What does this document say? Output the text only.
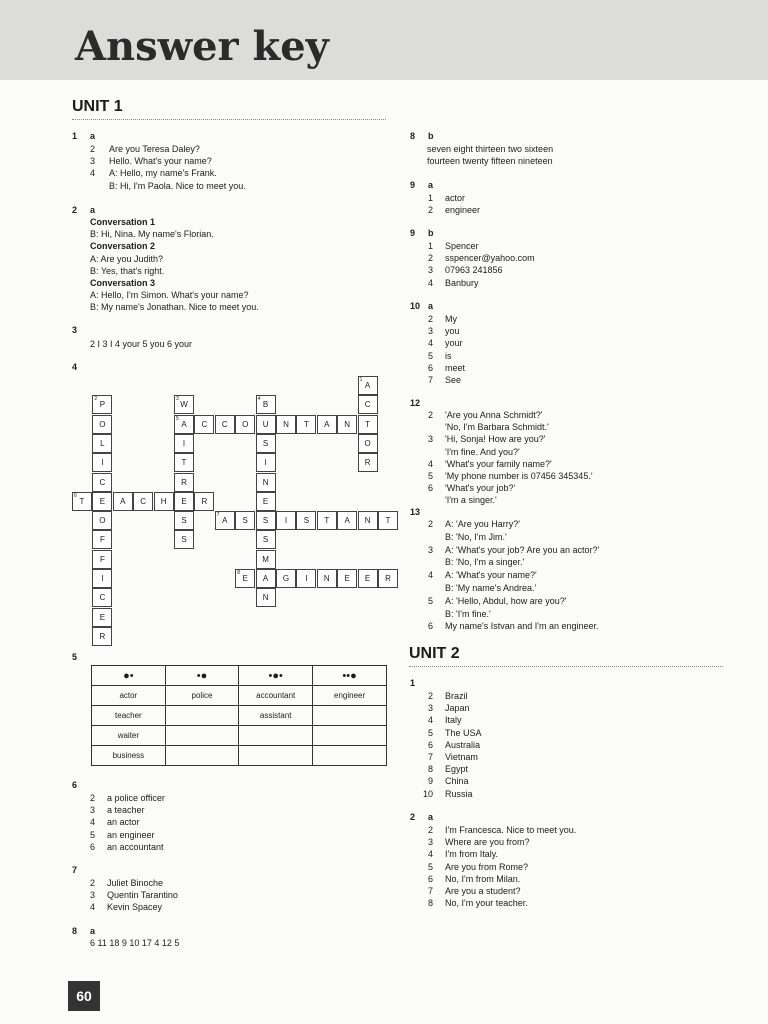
Answer key
UNIT 1
1 a
2 Are you Teresa Daley?
3 Hello. What's your name?
4 A: Hello, my name's Frank.
B: Hi, I'm Paola. Nice to meet you.
2 a
Conversation 1
B: Hi, Nina. My name's Florian.
Conversation 2
A: Are you Judith?
B: Yes, that's right.
Conversation 3
A: Hello, I'm Simon. What's your name?
B: My name's Jonathan. Nice to meet you.
3
2 I 3 I 4 your 5 you 6 your
4
1
A
C
T
O
R
2
P
O
L
I
C
E
O
F
F
I
C
E
R
3
W
5
A
I
T
R
E
S
S
4
B
U
S
I
N
E
S
S
M
A
N
C C O	N T A N
6
T	A C H	R
7
A S	I S T A N T
8
E	G I N E E R
5
●•	•●	•●•	••●
actor	police	accountant	engineer
teacher		assistant	
waiter			
business			
6
2 a police officer
3 a teacher
4 an actor
5 an engineer
6 an accountant
7
2 Juliet Binoche
3 Quentin Tarantino
4 Kevin Spacey
8 a
6 11 18 9 10 17 4 12 5
8 b
seven eight thirteen two sixteen
fourteen twenty fifteen nineteen
9 a
1 actor
2 engineer
9 b
1 Spencer
2 sspencer@yahoo.com
3 07963 241856
4 Banbury
10 a
2 My
3 you
4 your
5 is
6 meet
7 See
12
2 'Are you Anna Schmidt?'
'No, I'm Barbara Schmidt.'
3 'Hi, Sonja! How are you?'
'I'm fine. And you?'
4 'What's your family name?'
5 'My phone number is 07456 345345.'
6 'What's your job?'
'I'm a singer.'
13
2 A: 'Are you Harry?'
B: 'No, I'm Jim.'
3 A: 'What's your job? Are you an actor?'
B: 'No, I'm a singer.'
4 A: 'What's your name?'
B: 'My name's Andrea.'
5 A: 'Hello, Abdul, how are you?'
B: 'I'm fine.'
6 My name's Istvan and I'm an engineer.
UNIT 2
1
2 Brazil
3 Japan
4 Italy
5 The USA
6 Australia
7 Vietnam
8 Egypt
9 China
10 Russia
2 a
2 I'm Francesca. Nice to meet you.
3 Where are you from?
4 I'm from Italy.
5 Are you from Rome?
6 No, I'm from Milan.
7 Are you a student?
8 No, I'm your teacher.
60
